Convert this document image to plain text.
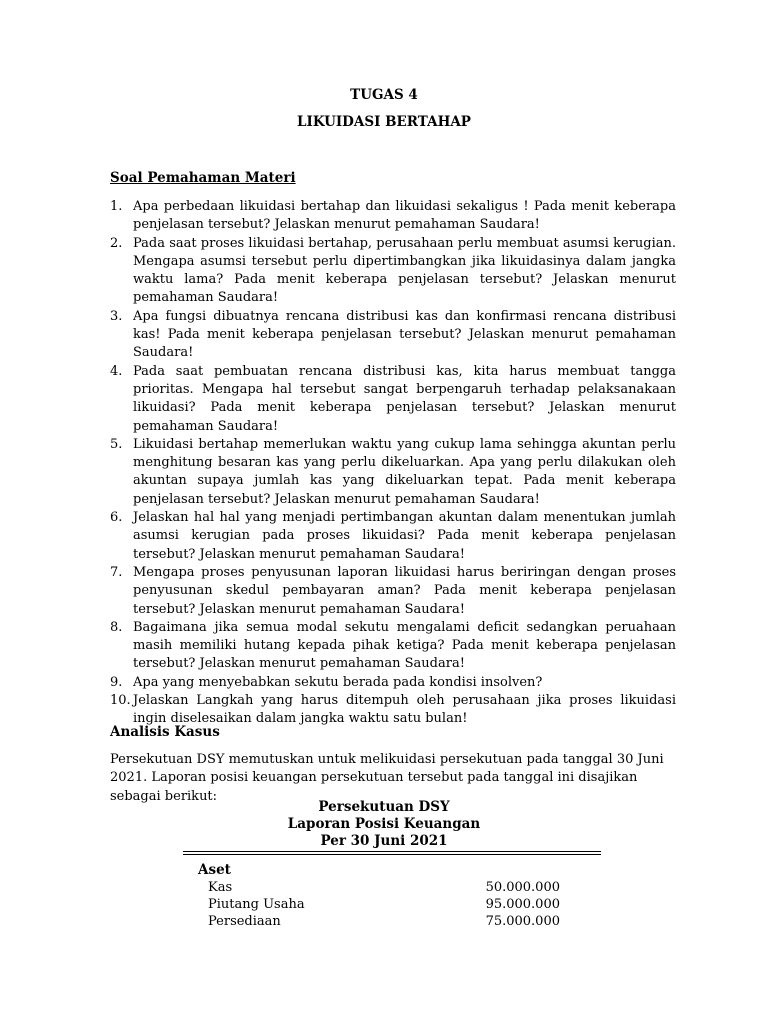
TUGAS 4
LIKUIDASI BERTAHAP
Soal Pemahaman Materi
1. Apa perbedaan likuidasi bertahap dan likuidasi sekaligus ! Pada menit keberapa penjelasan tersebut? Jelaskan menurut pemahaman Saudara!
2. Pada saat proses likuidasi bertahap, perusahaan perlu membuat asumsi kerugian. Mengapa asumsi tersebut perlu dipertimbangkan jika likuidasinya dalam jangka waktu lama? Pada menit keberapa penjelasan tersebut? Jelaskan menurut pemahaman Saudara!
3. Apa fungsi dibuatnya rencana distribusi kas dan konfirmasi rencana distribusi kas! Pada menit keberapa penjelasan tersebut? Jelaskan menurut pemahaman Saudara!
4. Pada saat pembuatan rencana distribusi kas, kita harus membuat tangga prioritas. Mengapa hal tersebut sangat berpengaruh terhadap pelaksanakaan likuidasi? Pada menit keberapa penjelasan tersebut? Jelaskan menurut pemahaman Saudara!
5. Likuidasi bertahap memerlukan waktu yang cukup lama sehingga akuntan perlu menghitung besaran kas yang perlu dikeluarkan. Apa yang perlu dilakukan oleh akuntan supaya jumlah kas yang dikeluarkan tepat. Pada menit keberapa penjelasan tersebut? Jelaskan menurut pemahaman Saudara!
6. Jelaskan hal hal yang menjadi pertimbangan akuntan dalam menentukan jumlah asumsi kerugian pada proses likuidasi? Pada menit keberapa penjelasan tersebut? Jelaskan menurut pemahaman Saudara!
7. Mengapa proses penyusunan laporan likuidasi harus beriringan dengan proses penyusunan skedul pembayaran aman? Pada menit keberapa penjelasan tersebut? Jelaskan menurut pemahaman Saudara!
8. Bagaimana jika semua modal sekutu mengalami deficit sedangkan peruahaan masih memiliki hutang kepada pihak ketiga? Pada menit keberapa penjelasan tersebut? Jelaskan menurut pemahaman Saudara!
9. Apa yang menyebabkan sekutu berada pada kondisi insolven?
10. Jelaskan Langkah yang harus ditempuh oleh perusahaan jika proses likuidasi ingin diselesaikan dalam jangka waktu satu bulan!
Analisis Kasus
Persekutuan DSY memutuskan untuk melikuidasi persekutuan pada tanggal 30 Juni 2021. Laporan posisi keuangan persekutuan tersebut pada tanggal ini disajikan sebagai berikut:
Persekutuan DSY
Laporan Posisi Keuangan
Per 30 Juni 2021
Aset
Kas	50.000.000
Piutang Usaha	95.000.000
Persediaan	75.000.000
